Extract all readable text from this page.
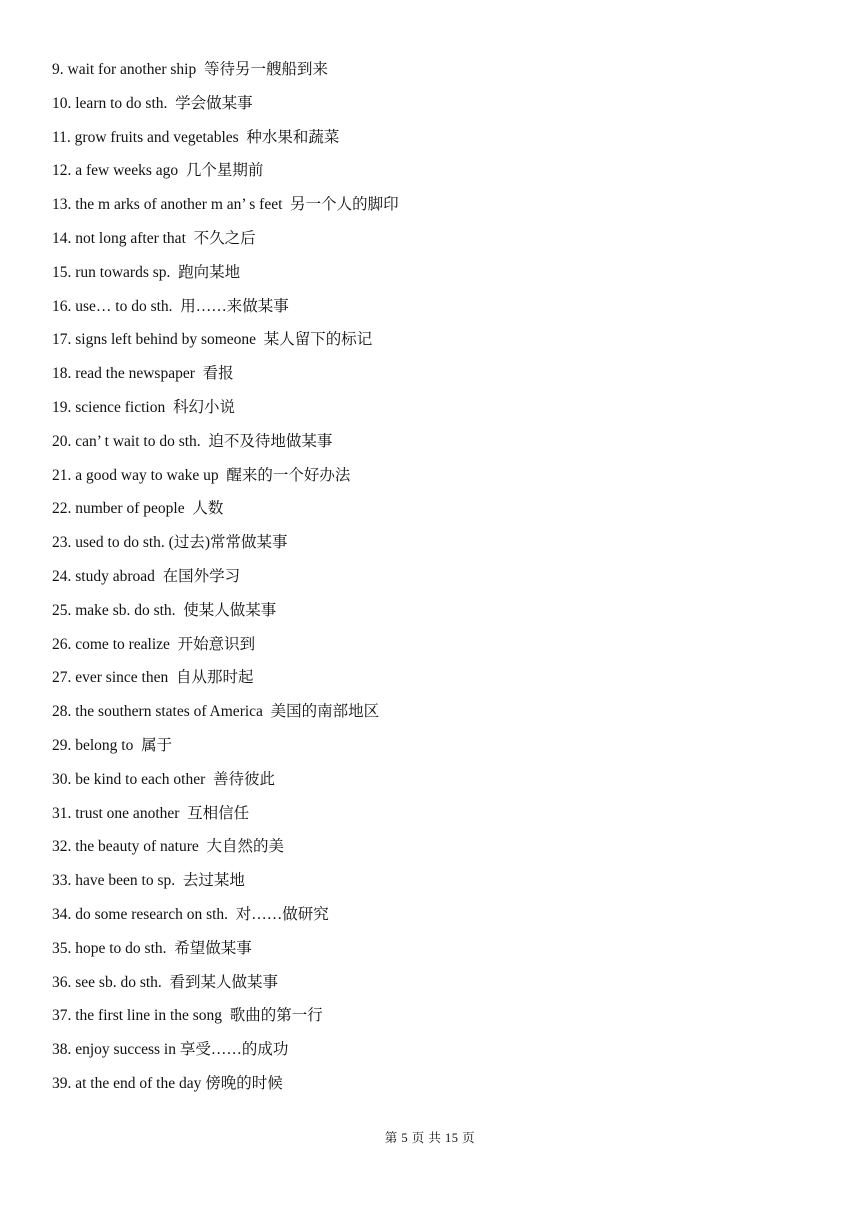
9. wait for another ship  等待另一艘船到来
10. learn to do sth.  学会做某事
11. grow fruits and vegetables  种水果和蔬菜
12. a few weeks ago  几个星期前
13. the m arks of another m an’ s feet  另一个人的脚印
14. not long after that  不久之后
15. run towards sp.  跑向某地
16. use… to do sth.  用……来做某事
17. signs left behind by someone  某人留下的标记
18. read the newspaper  看报
19. science fiction  科幻小说
20. can’ t wait to do sth.  迫不及待地做某事
21. a good way to wake up  醒来的一个好办法
22. number of people  人数
23. used to do sth. (过去)常常做某事
24. study abroad  在国外学习
25. make sb. do sth.  使某人做某事
26. come to realize  开始意识到
27. ever since then  自从那时起
28. the southern states of America  美国的南部地区
29. belong to  属于
30. be kind to each other  善待彼此
31. trust one another  互相信任
32. the beauty of nature  大自然的美
33. have been to sp.  去过某地
34. do some research on sth.  对……做研究
35. hope to do sth.  希望做某事
36. see sb. do sth.  看到某人做某事
37. the first line in the song  歌曲的第一行
38. enjoy success in 享受……的成功
39. at the end of the day 傍晚的时候
第 5 页 共 15 页
